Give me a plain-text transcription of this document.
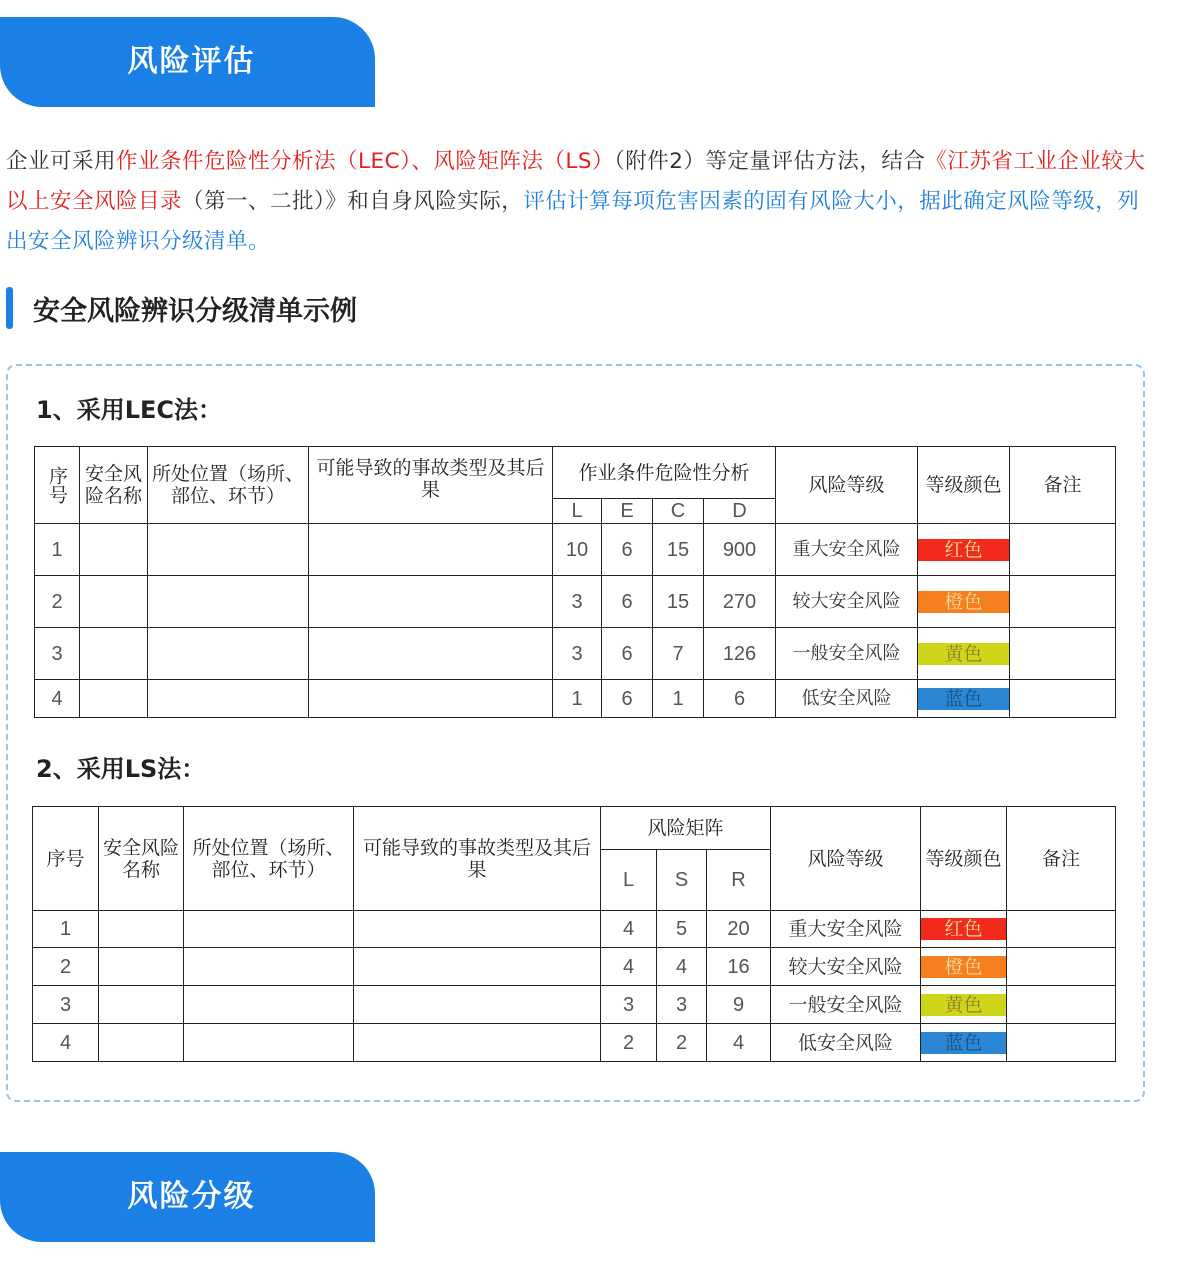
风险评估
企业可采用作业条件危险性分析法（LEC）、风险矩阵法（LS）（附件2）等定量评估方法，结合《江苏省工业企业较大以上安全风险目录（第一、二批）》和自身风险实际，评估计算每项危害因素的固有风险大小，据此确定风险等级，列出安全风险辨识分级清单。
安全风险辨识分级清单示例
1、采用LEC法：
序号	安全风险名称	所处位置（场所、部位、环节）	可能导致的事故类型及其后果	作业条件危险性分析				风险等级	等级颜色	备注
				L	E	C	D			
1				10	6	15	900	重大安全风险	红色	

2				3	6	15	270	较大安全风险	橙色	

3				3	6	7	126	一般安全风险	黄色	

4				1	6	1	6	低安全风险	蓝色	

2、采用LS法：
序号	安全风险名称	所处位置（场所、部位、环节）	可能导致的事故类型及其后果	风险矩阵			风险等级	等级颜色	备注
				L	S	R			
1				4	5	20	重大安全风险	红色	

2				4	4	16	较大安全风险	橙色	

3				3	3	9	一般安全风险	黄色	

4				2	2	4	低安全风险	蓝色	

风险分级
